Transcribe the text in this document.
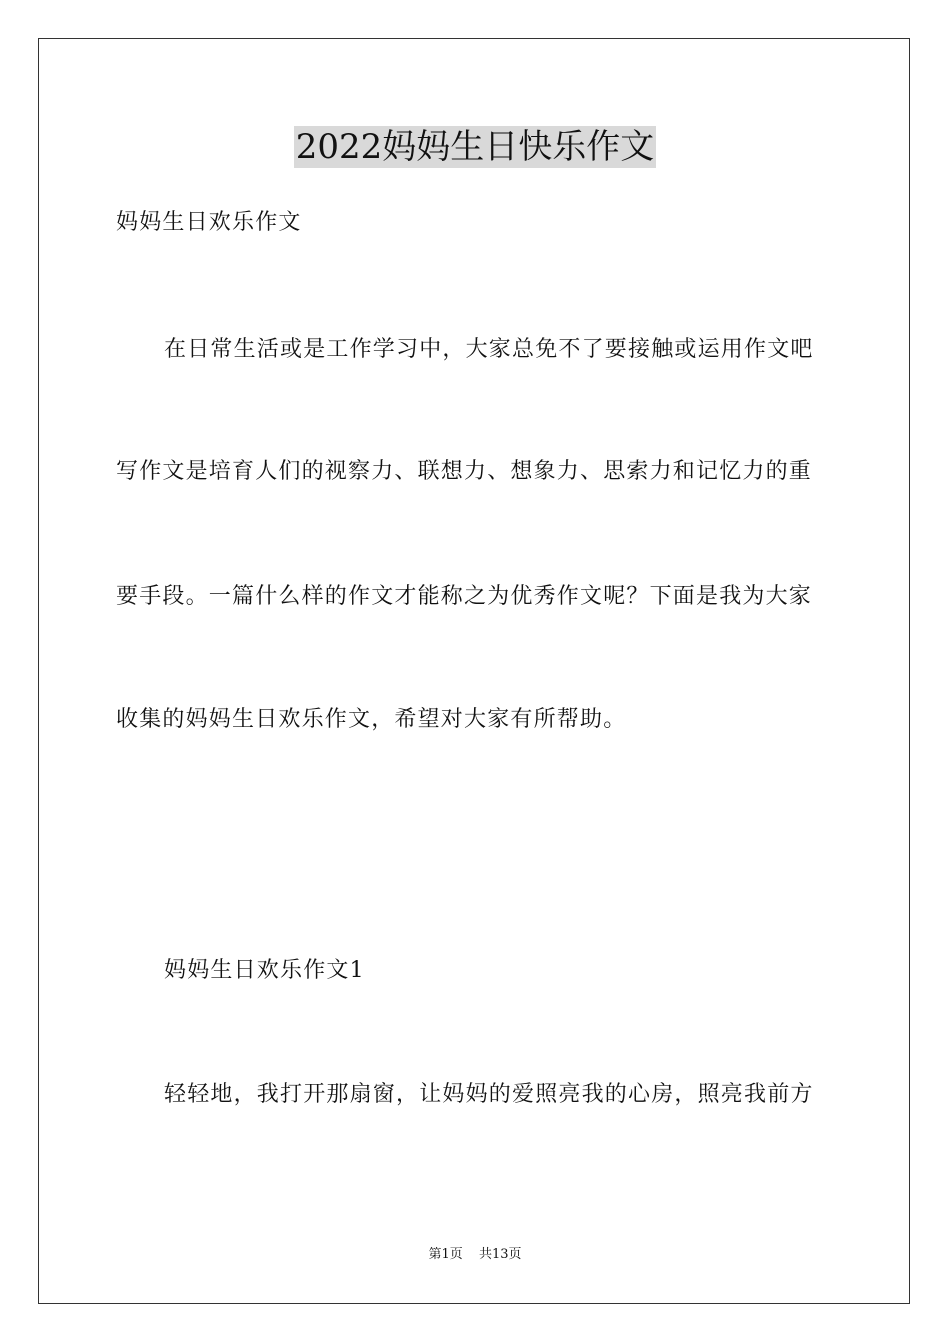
2022妈妈生日快乐作文
妈妈生日欢乐作文
在日常生活或是工作学习中，大家总免不了要接触或运用作文吧
写作文是培育人们的视察力、联想力、想象力、思索力和记忆力的重
要手段。一篇什么样的作文才能称之为优秀作文呢？下面是我为大家
收集的妈妈生日欢乐作文，希望对大家有所帮助。
妈妈生日欢乐作文1
轻轻地，我打开那扇窗，让妈妈的爱照亮我的心房，照亮我前方
第1页 共13页
